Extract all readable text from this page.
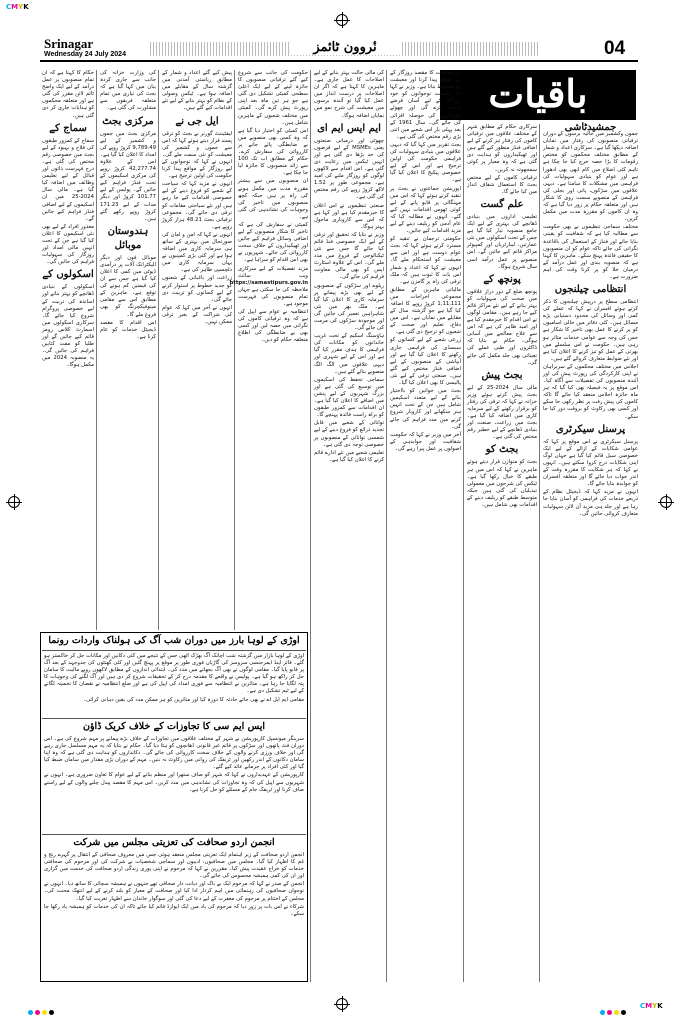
CMYK
CMYK
Srinagar
Wednesday 24 July 2024	نٔروون ٹائمز	04
باقیات
جمشیدٹاشی

جموں وکشمیر میں حالیہ برسوں کے دوران ترقیاتی منصوبوں کی رفتار میں نمایاں اضافہ دیکھا گیا ہے۔ سرکاری اعداد و شمار کے مطابق مختلف محکموں کو مختص رقومات کا بڑا حصہ خرچ کیا جا چکا ہے تاہم کئی اضلاع میں کام ابھی بھی ادھورا ہے اور عوام کو بنیادی سہولیات کی فراہمی میں مشکلات کا سامنا ہے۔ دیہی علاقوں میں سڑکوں، پانی اور بجلی کی فراہمی کے منصوبے سست روی کا شکار ہیں اور متعلقہ حکام پر زور دیا گیا ہے کہ وہ ان کاموں کو مقررہ مدت میں مکمل کریں۔

مختلف سماجی تنظیموں نے بھی حکومت سے مطالبہ کیا ہے کہ شفافیت کو یقینی بنایا جائے اور فنڈز کے استعمال کی باقاعدہ نگرانی کی جائے تاکہ عوام کو ان منصوبوں کا حقیقی فائدہ پہنچ سکے۔ ماہرین کا کہنا ہے کہ منصوبہ بندی اور عمل درآمد کے درمیان خلا کو پر کرنا وقت کی اہم ضرورت ہے۔

انتظامی چیلنجوں

انتظامی سطح پر درپیش چیلنجوں کا ذکر کرتے ہوئے افسران نے کہا کہ عملے کی کمی اور وسائل کی محدود دستیابی بڑے مسائل ہیں۔ کئی دفاتر میں خالی اسامیوں کو پر کرنے کا عمل بھی تاخیر کا شکار ہے جس کی وجہ سے عوامی خدمات متاثر ہو رہی ہیں۔ حکومت نے اس سلسلے میں بھرتی کے عمل کو تیز کرنے کا اعلان کیا ہے اور نئے ضوابط متعارف کروائے گئے ہیں۔

اجلاس میں مختلف محکموں کے سربراہان نے اپنی کارکردگی کی رپورٹ پیش کی اور آئندہ منصوبوں کی تفصیلات سے آگاہ کیا۔ اس موقع پر یہ فیصلہ بھی کیا گیا کہ ہر ماہ جائزہ اجلاس منعقد کیا جائے گا تاکہ کاموں کی پیش رفت پر نظر رکھی جا سکے اور کسی بھی رکاوٹ کو بروقت دور کیا جا سکے۔

پرسنل سیکرٹری

پرسنل سیکرٹری نے اس موقع پر کہا کہ عوامی شکایات کے ازالے کے لیے ایک خصوصی سیل قائم کیا گیا ہے جہاں لوگ اپنی شکایات درج کروا سکتے ہیں۔ انہوں نے کہا کہ ہر شکایت کا مقررہ وقت کے اندر جواب دیا جائے گا اور متعلقہ افسران کو جوابدہ بنایا جائے گا۔

انہوں نے مزید کہا کہ ڈیجیٹل نظام کے ذریعے خدمات کی فراہمی کو آسان بنایا جا رہا ہے اور جلد ہی مزید آن لائن سہولیات متعارف کروائی جائیں گی۔

سرکاری حکام کے مطابق شہر کے مختلف علاقوں میں ترقیاتی کاموں کی رفتار تیز کرنے کے لیے اضافی فنڈز منظور کیے گئے ہیں اور ٹھیکیداروں کو ہدایت دی گئی ہے کہ وہ معیار پر کوئی سمجھوتہ نہ کریں۔

ترقیاتی کاموں کے لیے مختص بجٹ کا استعمال شفاف انداز میں کیا جائے گا۔

علم گست

تعلیمی اداروں میں بنیادی ڈھانچے کی بہتری کے لیے ایک جامع منصوبہ تیار کیا گیا ہے جس کے تحت اسکولوں میں نئی عمارتیں، لیبارٹریاں اور کمپیوٹر مراکز قائم کیے جائیں گے۔ اس منصوبے پر عمل درآمد اسی سال شروع ہوگا۔

پونچھ کے

پونچھ ضلع کے دور دراز علاقوں میں صحت کی سہولیات کو بہتر بنانے کے لیے نئے مراکز قائم کیے جا رہے ہیں۔ مقامی لوگوں نے اس اقدام کا خیرمقدم کیا ہے اور امید ظاہر کی ہے کہ اس سے علاج معالجے میں آسانی ہوگی۔ حکام نے بتایا کہ ڈاکٹروں اور طبی عملے کی تعیناتی بھی جلد مکمل کی جائے گی۔

بجٹ پیش

مالی سال 2024-25 کے لیے بجٹ پیش کرتے ہوئے وزیر خزانہ نے کہا کہ ترقی کی رفتار کو برقرار رکھنے کے لیے سرمایہ کاری میں اضافہ کیا گیا ہے۔ بجٹ میں زراعت، صنعت اور بنیادی ڈھانچے کے لیے خطیر رقم مختص کی گئی ہے۔

بجٹ کو

بجٹ کو متوازن قرار دیتے ہوئے ماہرین نے کہا کہ اس میں ہر طبقے کا خیال رکھا گیا ہے۔ ٹیکس کی شرحوں میں معمولی تبدیلیاں کی گئی ہیں جبکہ متوسط طبقے کو ریلیف دینے کے اقدامات بھی شامل ہیں۔

ان اقدامات کا مقصد روزگار کے نئے مواقع پیدا کرنا اور معیشت کو مضبوط بنانا ہے۔ وزیر نے کہا کہ حکومت نوجوانوں کو خود روزگار کے لیے آسان قرضے فراہم کرے گی اور چھوٹے کاروباروں کی حوصلہ افزائی کی جائے گی۔ سال 1961 کے بعد پہلی بار اس شعبے میں اتنی بڑی رقم مختص کی گئی ہے۔

بجٹ تقریر میں کہا گیا کہ دیہی علاقوں میں بنیادی سہولیات کی فراہمی حکومت کی اولین ترجیح ہے اور اس کے لیے خصوصی پیکیج کا اعلان کیا گیا ہے۔

اپوزیشن جماعتوں نے بجٹ پر تنقید کرتے ہوئے کہا کہ اس میں مہنگائی پر قابو پانے کے لیے کوئی ٹھوس اقدامات نہیں کیے گئے۔ انہوں نے مطالبہ کیا کہ عام آدمی کو ریلیف دینے کے لیے مزید اقدامات کیے جائیں۔

حکومتی ترجمان نے تنقید کو مسترد کرتے ہوئے کہا کہ بجٹ عوام دوست ہے اور اس سے معیشت کو استحکام ملے گا۔ انہوں نے کہا کہ اعداد و شمار اس بات کا ثبوت ہیں کہ ملک ترقی کی راہ پر گامزن ہے۔

مالیاتی ماہرین کے مطابق مجموعی اخراجات میں 1,11,111 کروڑ روپے کا اضافہ کیا گیا ہے جو گزشتہ سال کے مقابلے میں نمایاں ہے۔ اس میں دفاع، تعلیم اور صحت کے شعبوں کو ترجیح دی گئی ہے۔

زرعی شعبے کے لیے کسانوں کو سبسڈی کی فراہمی جاری رکھنے کا اعلان کیا گیا ہے اور آبپاشی کے منصوبوں کے لیے اضافی فنڈز مختص کیے گئے ہیں۔ صنعتی ترقی کے لیے نئی پالیسی کا بھی اعلان کیا گیا۔

بجٹ میں خواتین کو بااختیار بنانے کے لیے متعدد اسکیمیں شامل ہیں جن کے تحت انہیں ہنر سکھانے اور کاروبار شروع کرنے میں مدد فراہم کی جائے گی۔

آخر میں وزیر نے کہا کہ حکومت شفافیت اور جوابدہی کے اصولوں پر عمل پیرا رہے گی۔

کی مالی حالت بہتر بنانے کے لیے اصلاحات کا عمل جاری ہے۔ ماہرین کا کہنا ہے کہ اگر ان اصلاحات پر درست انداز میں عمل کیا گیا تو آئندہ برسوں میں معیشت کی شرح نمو میں نمایاں اضافہ ہوگا۔

ایم ایس ایم ای

چھوٹی اور درمیانی صنعتوں یعنی MSMEs کے لیے قرضوں کی حد بڑھا دی گئی ہے اور انہیں ٹیکس میں رعایت دی گئی ہے۔ اس اقدام سے لاکھوں لوگوں کو روزگار ملنے کی امید ہے۔ مجموعی طور پر 1.52 لاکھ کروڑ روپے کی رقم مختص کی گئی ہے۔

صنعتی تنظیموں نے اس اعلان کا خیرمقدم کیا ہے اور کہا ہے کہ اس سے کاروباری ماحول بہتر ہوگا۔

وزیر نے بتایا کہ تحقیق اور ترقی کے لیے ایک خصوصی فنڈ قائم کیا جائے گا جس سے نئی ٹیکنالوجی کے فروغ میں مدد ملے گی۔ اس کے علاوہ اسٹارٹ اپس کو بھی مالی معاونت فراہم کی جائے گی۔

ریلوے اور سڑکوں کے منصوبوں کے لیے بھی بڑے پیمانے پر سرمایہ کاری کا اعلان کیا گیا ہے۔ ملک بھر میں نئی شاہراہیں تعمیر کی جائیں گی اور موجودہ سڑکوں کی مرمت کی جائے گی۔

ہاؤسنگ اسکیم کے تحت غریب خاندانوں کو مکانات کی فراہمی کا ہدف مقرر کیا گیا ہے اور اس کے لیے شہری اور دیہی علاقوں میں الگ الگ منصوبے بنائے گئے ہیں۔

سماجی تحفظ کی اسکیموں میں توسیع کی گئی ہے اور بزرگ شہریوں کے لیے پنشن میں اضافے کا اعلان کیا گیا ہے۔ ان اقدامات سے کمزور طبقوں کو براہ راست فائدہ پہنچے گا۔

توانائی کے شعبے میں قابل تجدید ذرائع کو فروغ دینے کے لیے شمسی توانائی کے منصوبوں پر خصوصی توجہ دی گئی ہے۔

تعلیمی شعبے میں نئے ادارے قائم کرنے کا اعلان کیا گیا ہے۔

حکومت کی جانب سے شروع کیے گئے ترقیاتی منصوبوں کا جائزہ لینے کے لیے ایک اعلیٰ سطحی کمیٹی تشکیل دی گئی ہے جو ہر تین ماہ بعد اپنی رپورٹ پیش کرے گی۔ کمیٹی میں مختلف شعبوں کے ماہرین شامل ہیں۔

اس کمیٹی کو اختیار دیا گیا ہے کہ وہ کسی بھی منصوبے میں بے ضابطگی پائے جانے پر کارروائی کی سفارش کرے۔ حکام کے مطابق اب تک 100 سے زائد منصوبوں کا جائزہ لیا جا چکا ہے۔

ان منصوبوں میں سے بیشتر مقررہ مدت میں مکمل ہونے کی راہ پر ہیں جبکہ کچھ منصوبوں میں تاخیر کی وجوہات کی نشاندہی کی گئی ہے۔

کمیٹی نے سفارش کی ہے کہ تاخیر کا شکار منصوبوں کے لیے اضافی وسائل فراہم کیے جائیں اور ٹھیکیداروں کے خلاف سخت کارروائی کی جائے۔ شہریوں نے بھی اس اقدام کو سراہا ہے۔

مزید تفصیلات کے لیے سرکاری ویب سائٹ https://samastipurs.gov.in ملاحظہ کی جا سکتی ہے جہاں تمام منصوبوں کی فہرست موجود ہے۔

انتظامیہ نے عوام سے اپیل کی ہے کہ وہ ترقیاتی کاموں کی نگرانی میں حصہ لیں اور کسی بھی بے ضابطگی کی اطلاع متعلقہ حکام کو دیں۔

پیش کیے گئے اعداد و شمار کے مطابق ریاستی آمدنی میں گزشتہ سال کے مقابلے میں اضافہ ہوا ہے۔ ٹیکس وصولی کے نظام کو بہتر بنانے کے لیے نئے اقدامات کیے گئے ہیں۔

ایل جی نے

لیفٹیننٹ گورنر نے بجٹ کو ترقی پسند قرار دیتے ہوئے کہا کہ اس سے جموں و کشمیر کی معیشت کو نئی سمت ملے گی۔ انہوں نے کہا کہ نوجوانوں کے لیے روزگار کے مواقع پیدا کرنا حکومت کی اولین ترجیح ہے۔

انہوں نے مزید کہا کہ سیاحت کے شعبے کو فروغ دینے کے لیے خصوصی اقدامات کیے جا رہے ہیں اور نئے سیاحتی مقامات کو ترقی دی جائے گی۔ مجموعی ترقیاتی بجٹ 48.21 ہزار کروڑ روپے ہے۔

انہوں نے کہا کہ امن و امان کی صورتحال میں بہتری کے ساتھ ہی سرمایہ کاری میں اضافہ ہوا ہے اور کئی بڑی کمپنیوں نے یہاں سرمایہ کاری میں دلچسپی ظاہر کی ہے۔

زراعت اور باغبانی کے شعبوں کو جدید خطوط پر استوار کرنے کے لیے کسانوں کو تربیت دی جائے گی۔

انہوں نے آخر میں کہا کہ عوام کی شراکت کے بغیر ترقی ممکن نہیں۔

کی وزارت خزانہ کی جانب سے جاری کردہ بیان میں کہا گیا ہے کہ بجٹ کی تیاری میں تمام متعلقہ فریقوں سے مشاورت کی گئی ہے۔

مرکزی بجٹ

مرکزی بجٹ میں جموں و کشمیر کے لیے 9,789.49 کروڑ روپے کی امداد کا اعلان کیا گیا ہے۔ اس کے علاوہ 42,277.74 کروڑ روپے کی مرکزی اسکیموں کے تحت فنڈز فراہم کیے جائیں گے۔ پولیس کے لیے 101.77 کروڑ اور دیگر مدات کے لیے 171.23 کروڑ روپے رکھے گئے ہیں۔

ہندوستان موبائل

موبائل فون اور دیگر الیکٹرانک آلات پر درآمدی ڈیوٹی میں کمی کا اعلان کیا گیا ہے جس سے ان کی قیمتیں کم ہونے کی توقع ہے۔ ماہرین کے مطابق اس سے مقامی مینوفیکچرنگ کو بھی فروغ ملے گا۔

اس اقدام کا مقصد ڈیجیٹل خدمات کو عام کرنا ہے۔

حکام کا کہنا ہے کہ ان تمام منصوبوں پر عمل درآمد کے لیے ایک واضح ٹائم لائن مقرر کی گئی ہے اور متعلقہ محکموں کو ہدایات جاری کر دی گئی ہیں۔

سماج کے

سماج کے کمزور طبقوں کی فلاح و بہبود کے لیے بجٹ میں خصوصی رقم مختص کی گئی ہے۔ درج فہرست ذاتوں اور قبائل کے لیے تعلیمی وظائف میں اضافہ کیا گیا ہے۔ مالی سال 2024-25 میں ان اسکیموں کے لیے اضافی فنڈز فراہم کیے جائیں گے۔

معذور افراد کے لیے بھی نئی اسکیموں کا اعلان کیا گیا ہے جن کے تحت انہیں مالی امداد اور روزگار کی سہولیات فراہم کی جائیں گی۔

اسکولوں کے

اسکولوں کے بنیادی ڈھانچے کو بہتر بنانے اور اساتذہ کی تربیت کے لیے خصوصی پروگرام شروع کیا جائے گا۔ سرکاری اسکولوں میں اسمارٹ کلاس رومز قائم کیے جائیں گے اور طلبا کو مفت کتابیں فراہم کی جائیں گی۔ یہ منصوبہ 2024 میں مکمل ہوگا۔

اوڑی کے لوہا بارز میں دوران شب آگ کی ہولناک واردات رونما

اوڑی کے لوہا بازار میں گزشتہ شب اچانک آگ بھڑک اٹھی جس کے نتیجے میں کئی دکانیں اور مکانات جل کر خاکستر ہو گئے۔ فائر اینڈ ایمرجنسی سروسز کی گاڑیاں فوری طور پر موقع پر پہنچ گئیں اور کئی گھنٹوں کی جدوجہد کے بعد آگ پر قابو پایا گیا۔ مقامی لوگوں نے بھی آگ بجھانے میں مدد کی۔ ابتدائی اندازوں کے مطابق لاکھوں روپے مالیت کا سامان جل کر راکھ ہو گیا ہے۔ پولیس نے واقعے کا مقدمہ درج کر کے تحقیقات شروع کر دی ہیں اور آگ لگنے کی وجوہات کا پتہ لگایا جا رہا ہے۔ متاثرین نے انتظامیہ سے فوری امداد کی اپیل کی ہے اور ضلع انتظامیہ نے نقصان کا تخمینہ لگانے کے لیے ٹیم تشکیل دی ہے۔

مقامی ایم ایل اے نے بھی جائے حادثہ کا دورہ کیا اور متاثرین کو ہر ممکن مدد کی یقین دہانی کرائی۔

ایس ایم سی کا تجاوزات کے خلاف کریک ڈاؤن

سرینگر میونسپل کارپوریشن نے شہر کے مختلف علاقوں میں تجاوزات کے خلاف بڑے پیمانے پر مہم شروع کی ہے۔ اس دوران فٹ پاتھوں اور سڑکوں پر قائم غیر قانونی ڈھانچوں کو ہٹا دیا گیا۔ حکام نے بتایا کہ یہ مہم مسلسل جاری رہے گی اور خلاف ورزی کرنے والوں کے خلاف سخت کارروائی کی جائے گی۔ دکانداروں کو ہدایت دی گئی ہے کہ وہ اپنا سامان دکانوں کے اندر رکھیں اور ٹریفک کی روانی میں رکاوٹ نہ بنیں۔ مہم کے دوران بڑی مقدار میں سامان ضبط کیا گیا اور کئی افراد پر جرمانے عائد کیے گئے۔

کارپوریشن کے عہدیداروں نے کہا کہ شہر کو صاف ستھرا اور منظم بنانے کے لیے عوام کا تعاون ضروری ہے۔ انہوں نے شہریوں سے اپیل کی کہ وہ تجاوزات کی نشاندہی میں مدد کریں۔ اس مہم کا مقصد پیدل چلنے والوں کے لیے راستے صاف کرنا اور ٹریفک جام کے مسئلے کو حل کرنا ہے۔

انجمن اردو صحافت کی تعزیتی مجلس میں شرکت

انجمن اردو صحافت کے زیر اہتمام ایک تعزیتی مجلس منعقد ہوئی جس میں معروف صحافی کے انتقال پر گہرے رنج و غم کا اظہار کیا گیا۔ مجلس میں صحافیوں، ادیبوں اور سماجی شخصیات نے شرکت کی اور مرحوم کی صحافتی خدمات کو خراج عقیدت پیش کیا۔ مقررین نے کہا کہ مرحوم نے اپنی پوری زندگی اردو صحافت کی خدمت میں گزاری اور ان کی کمی ہمیشہ محسوس کی جائے گی۔

انجمن کے صدر نے کہا کہ مرحوم ایک بے باک اور دیانت دار صحافی تھے جنہوں نے ہمیشہ سچائی کا ساتھ دیا۔ انہوں نے نوجوان صحافیوں کی رہنمائی میں اہم کردار ادا کیا اور صحافت کے معیار کو بلند کرنے کے لیے انتھک محنت کی۔ مجلس کے اختتام پر مرحوم کی مغفرت کے لیے دعا کی گئی اور سوگوار خاندان سے اظہار تعزیت کیا گیا۔

شرکاء نے اس بات پر زور دیا کہ مرحوم کی یاد میں ایک ایوارڈ قائم کیا جائے تاکہ ان کی خدمات کو ہمیشہ یاد رکھا جا سکے۔
